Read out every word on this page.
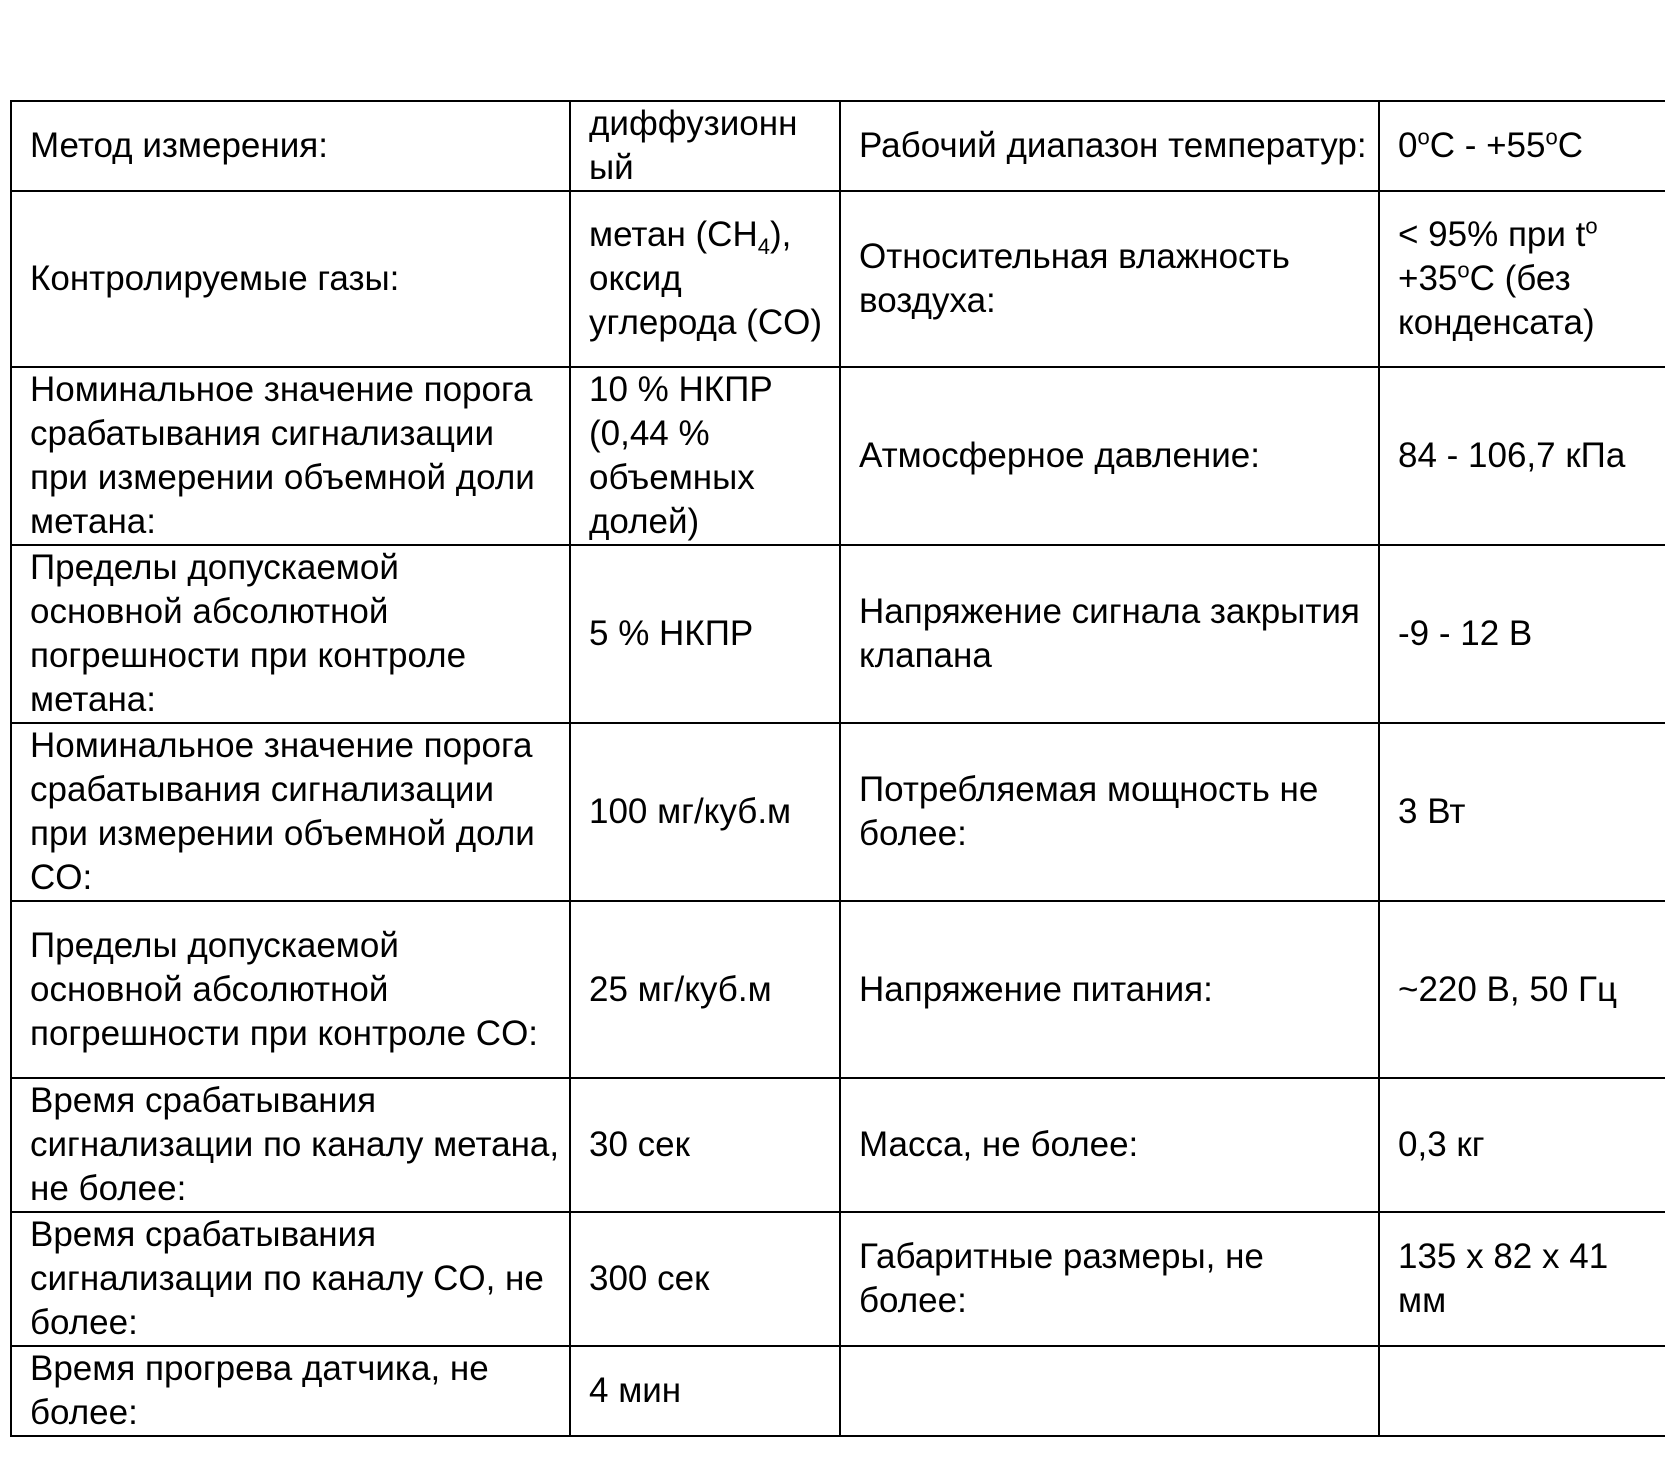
Метод измерения:	диффузионн ый	Рабочий диапазон температур:	$0^oC - +55^oC$
Контролируемые газы:	метан $(CH_4)$, оксид углерода (CO)	Относительная влажность воздуха:	< 95% при $t^o +35^oC$ (без конденсата)
Номинальное значение порога срабатывания сигнализации при измерении объемной доли метана:	10 % НКПР (0,44 % объемных долей)	Атмосферное давление:	84 - 106,7 кПа
Пределы допускаемой основной абсолютной погрешности при контроле метана:	5 % НКПР	Напряжение сигнала закрытия клапана	-9 - 12 В
Номинальное значение порога срабатывания сигнализации при измерении объемной доли CO:	100 мг/куб.м	Потребляемая мощность не более:	3 Вт
Пределы допускаемой основной абсолютной погрешности при контроле CO:	25 мг/куб.м	Напряжение питания:	~220 В, 50 Гц
Время срабатывания сигнализации по каналу метана, не более:	30 сек	Масса, не более:	0,3 кг
Время срабатывания сигнализации по каналу CO, не более:	300 сек	Габаритные размеры, не более:	135 x 82 x 41 мм
Время прогрева датчика, не более:	4 мин		
